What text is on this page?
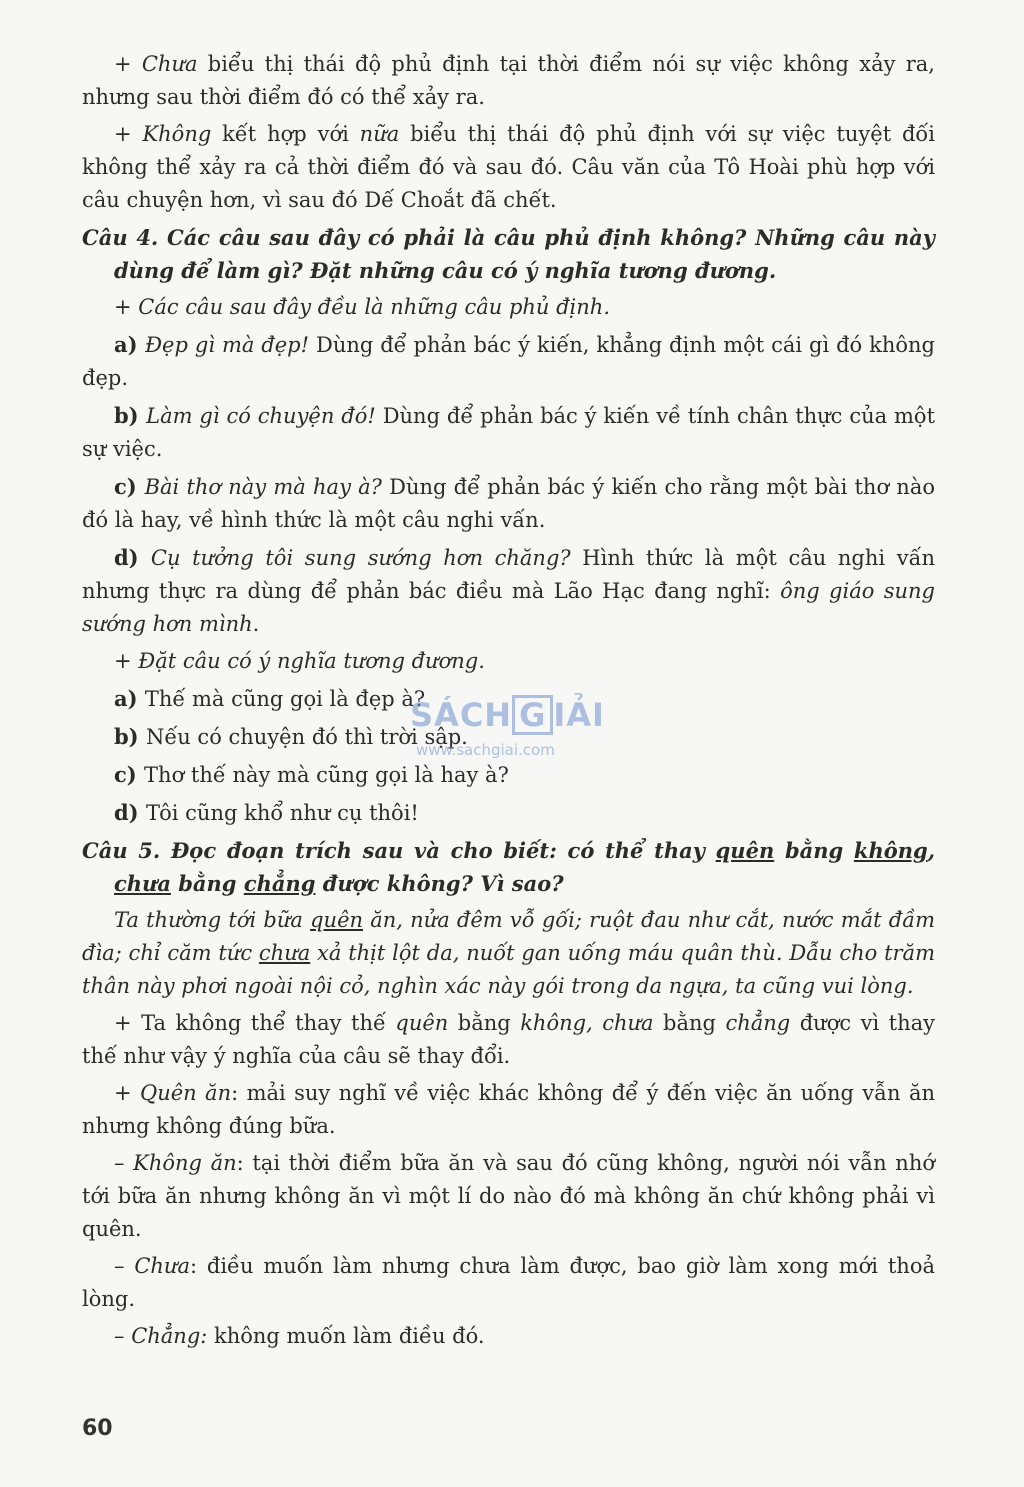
+ Chưa biểu thị thái độ phủ định tại thời điểm nói sự việc không xảy ra, nhưng sau thời điểm đó có thể xảy ra.

+ Không kết hợp với nữa biểu thị thái độ phủ định với sự việc tuyệt đối không thể xảy ra cả thời điểm đó và sau đó. Câu văn của Tô Hoài phù hợp với câu chuyện hơn, vì sau đó Dế Choắt đã chết.

Câu 4. Các câu sau đây có phải là câu phủ định không? Những câu này dùng để làm gì? Đặt những câu có ý nghĩa tương đương.

+ Các câu sau đây đều là những câu phủ định.

a) Đẹp gì mà đẹp! Dùng để phản bác ý kiến, khẳng định một cái gì đó không đẹp.

b) Làm gì có chuyện đó! Dùng để phản bác ý kiến về tính chân thực của một sự việc.

c) Bài thơ này mà hay à? Dùng để phản bác ý kiến cho rằng một bài thơ nào đó là hay, về hình thức là một câu nghi vấn.

d) Cụ tưởng tôi sung sướng hơn chăng? Hình thức là một câu nghi vấn nhưng thực ra dùng để phản bác điều mà Lão Hạc đang nghĩ: ông giáo sung sướng hơn mình.

+ Đặt câu có ý nghĩa tương đương.

a) Thế mà cũng gọi là đẹp à?

b) Nếu có chuyện đó thì trời sập.

c) Thơ thế này mà cũng gọi là hay à?

d) Tôi cũng khổ như cụ thôi!

Câu 5. Đọc đoạn trích sau và cho biết: có thể thay quên bằng không, chưa bằng chẳng được không? Vì sao?

Ta thường tới bữa quên ăn, nửa đêm vỗ gối; ruột đau như cắt, nước mắt đầm đìa; chỉ căm tức chưa xả thịt lột da, nuốt gan uống máu quân thù. Dẫu cho trăm thân này phơi ngoài nội cỏ, nghìn xác này gói trong da ngựa, ta cũng vui lòng.

+ Ta không thể thay thế quên bằng không, chưa bằng chẳng được vì thay thế như vậy ý nghĩa của câu sẽ thay đổi.

+ Quên ăn: mải suy nghĩ về việc khác không để ý đến việc ăn uống vẫn ăn nhưng không đúng bữa.

– Không ăn: tại thời điểm bữa ăn và sau đó cũng không, người nói vẫn nhớ tới bữa ăn nhưng không ăn vì một lí do nào đó mà không ăn chứ không phải vì quên.

– Chưa: điều muốn làm nhưng chưa làm được, bao giờ làm xong mới thoả lòng.

– Chẳng: không muốn làm điều đó.

SÁCH G IẢI
www.sachgiai.com
60
